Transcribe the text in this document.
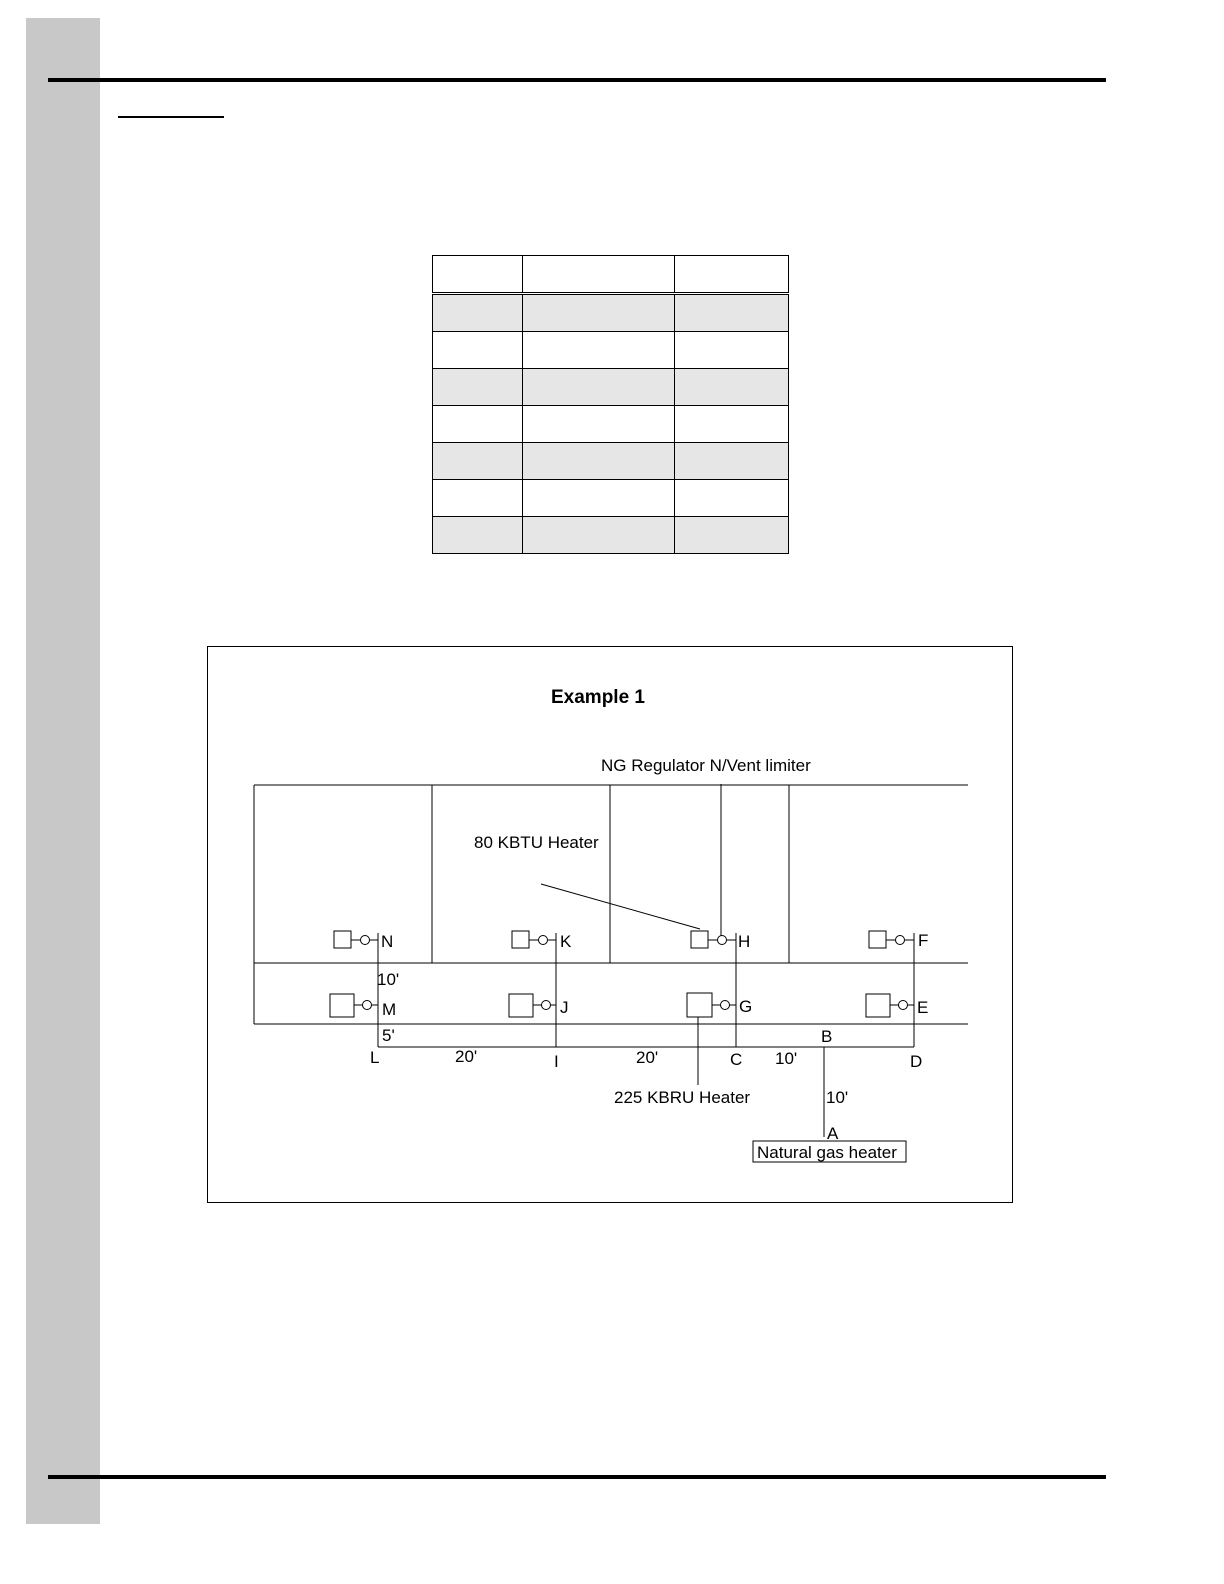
Example 1
NG Regulator N/Vent limiter
80 KBTU Heater
225 KBRU Heater
Natural gas heater
N	K	H	F
M	J	G	E
L	I	C
B
D
A
10'
5'
20'	20'	10'
10'
